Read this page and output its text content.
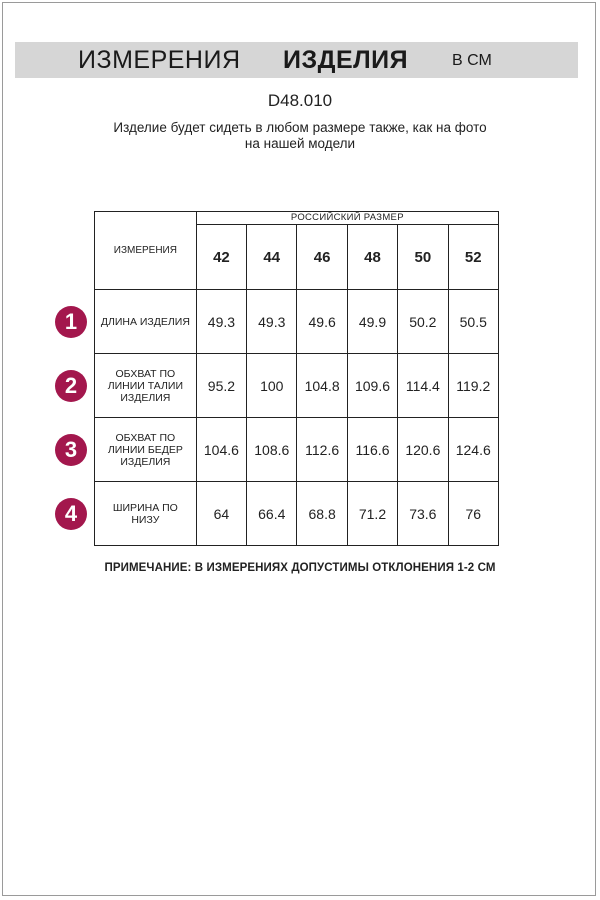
ИЗМЕРЕНИЯ ИЗДЕЛИЯ	В СМ
D48.010
Изделие будет сидеть в любом размере также, как на фото
на нашей модели
ИЗМЕРЕНИЯ	РОССИЙСКИЙ РАЗМЕР					
	42	44	46	48	50	52

ДЛИНА ИЗДЕЛИЯ	49.3	49.3	49.6	49.9	50.2	50.5

ОБХВАТ ПО
ЛИНИИ ТАЛИИ
ИЗДЕЛИЯ	95.2	100	104.8	109.6	114.4	119.2

ОБХВАТ ПО
ЛИНИИ БЕДЕР
ИЗДЕЛИЯ	104.6	108.6	112.6	116.6	120.6	124.6

ШИРИНА ПО
НИЗУ	64	66.4	68.8	71.2	73.6	76
1
2
3
4
ПРИМЕЧАНИЕ: В ИЗМЕРЕНИЯХ ДОПУСТИМЫ ОТКЛОНЕНИЯ 1-2 СМ
